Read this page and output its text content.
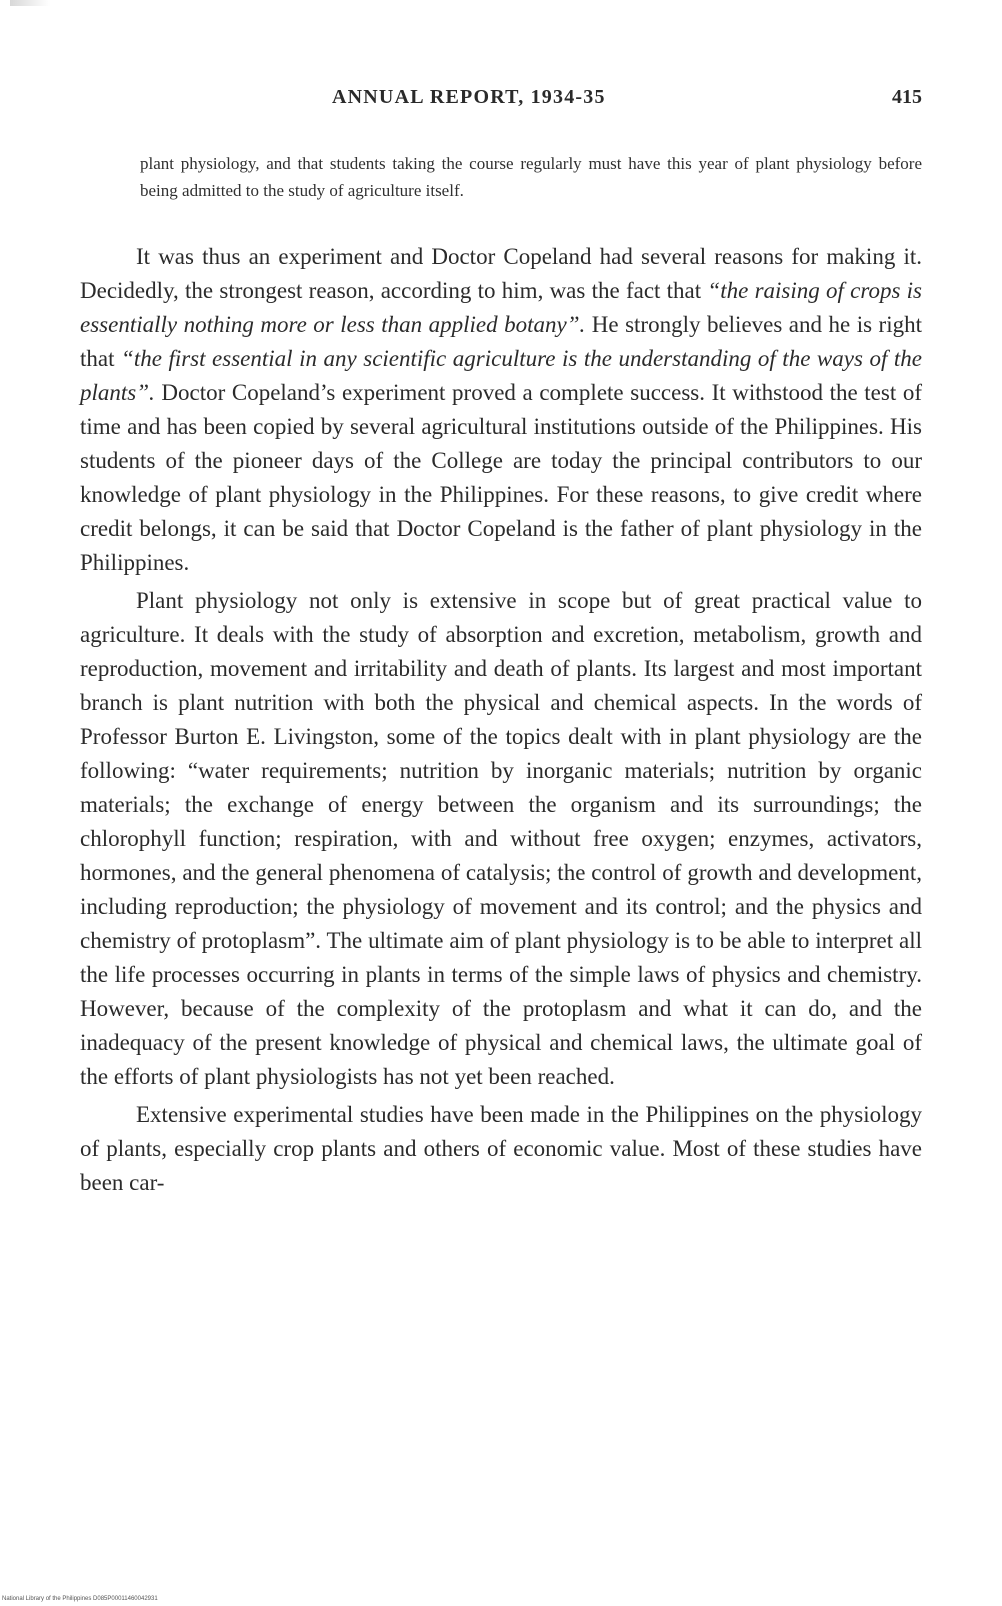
ANNUAL REPORT, 1934-35	415
plant physiology, and that students taking the course regularly must have this year of plant physiology before being admitted to the study of agriculture itself.

It was thus an experiment and Doctor Copeland had several reasons for making it. Decidedly, the strongest reason, according to him, was the fact that “the raising of crops is essentially nothing more or less than applied botany”. He strongly believes and he is right that “the first essential in any scientific agriculture is the understanding of the ways of the plants”. Doctor Copeland’s experiment proved a complete success. It withstood the test of time and has been copied by several agricultural institutions outside of the Philippines. His students of the pioneer days of the College are today the principal contributors to our knowledge of plant physiology in the Philippines. For these reasons, to give credit where credit belongs, it can be said that Doctor Copeland is the father of plant physiology in the Philippines.

Plant physiology not only is extensive in scope but of great practical value to agriculture. It deals with the study of absorption and excretion, metabolism, growth and reproduction, movement and irritability and death of plants. Its largest and most important branch is plant nutrition with both the physical and chemical aspects. In the words of Professor Burton E. Livingston, some of the topics dealt with in plant physiology are the following: “water requirements; nutrition by inorganic materials; nutrition by organic materials; the exchange of energy between the organism and its surroundings; the chlorophyll function; respiration, with and without free oxygen; enzymes, activators, hormones, and the general phenomena of catalysis; the control of growth and development, including reproduction; the physiology of movement and its control; and the physics and chemistry of protoplasm”. The ultimate aim of plant physiology is to be able to interpret all the life processes occurring in plants in terms of the simple laws of physics and chemistry. However, because of the complexity of the protoplasm and what it can do, and the inadequacy of the present knowledge of physical and chemical laws, the ultimate goal of the efforts of plant physiologists has not yet been reached.

Extensive experimental studies have been made in the Philippines on the physiology of plants, especially crop plants and others of economic value. Most of these studies have been car-

National Library of the Philippines D085P00011460042931
